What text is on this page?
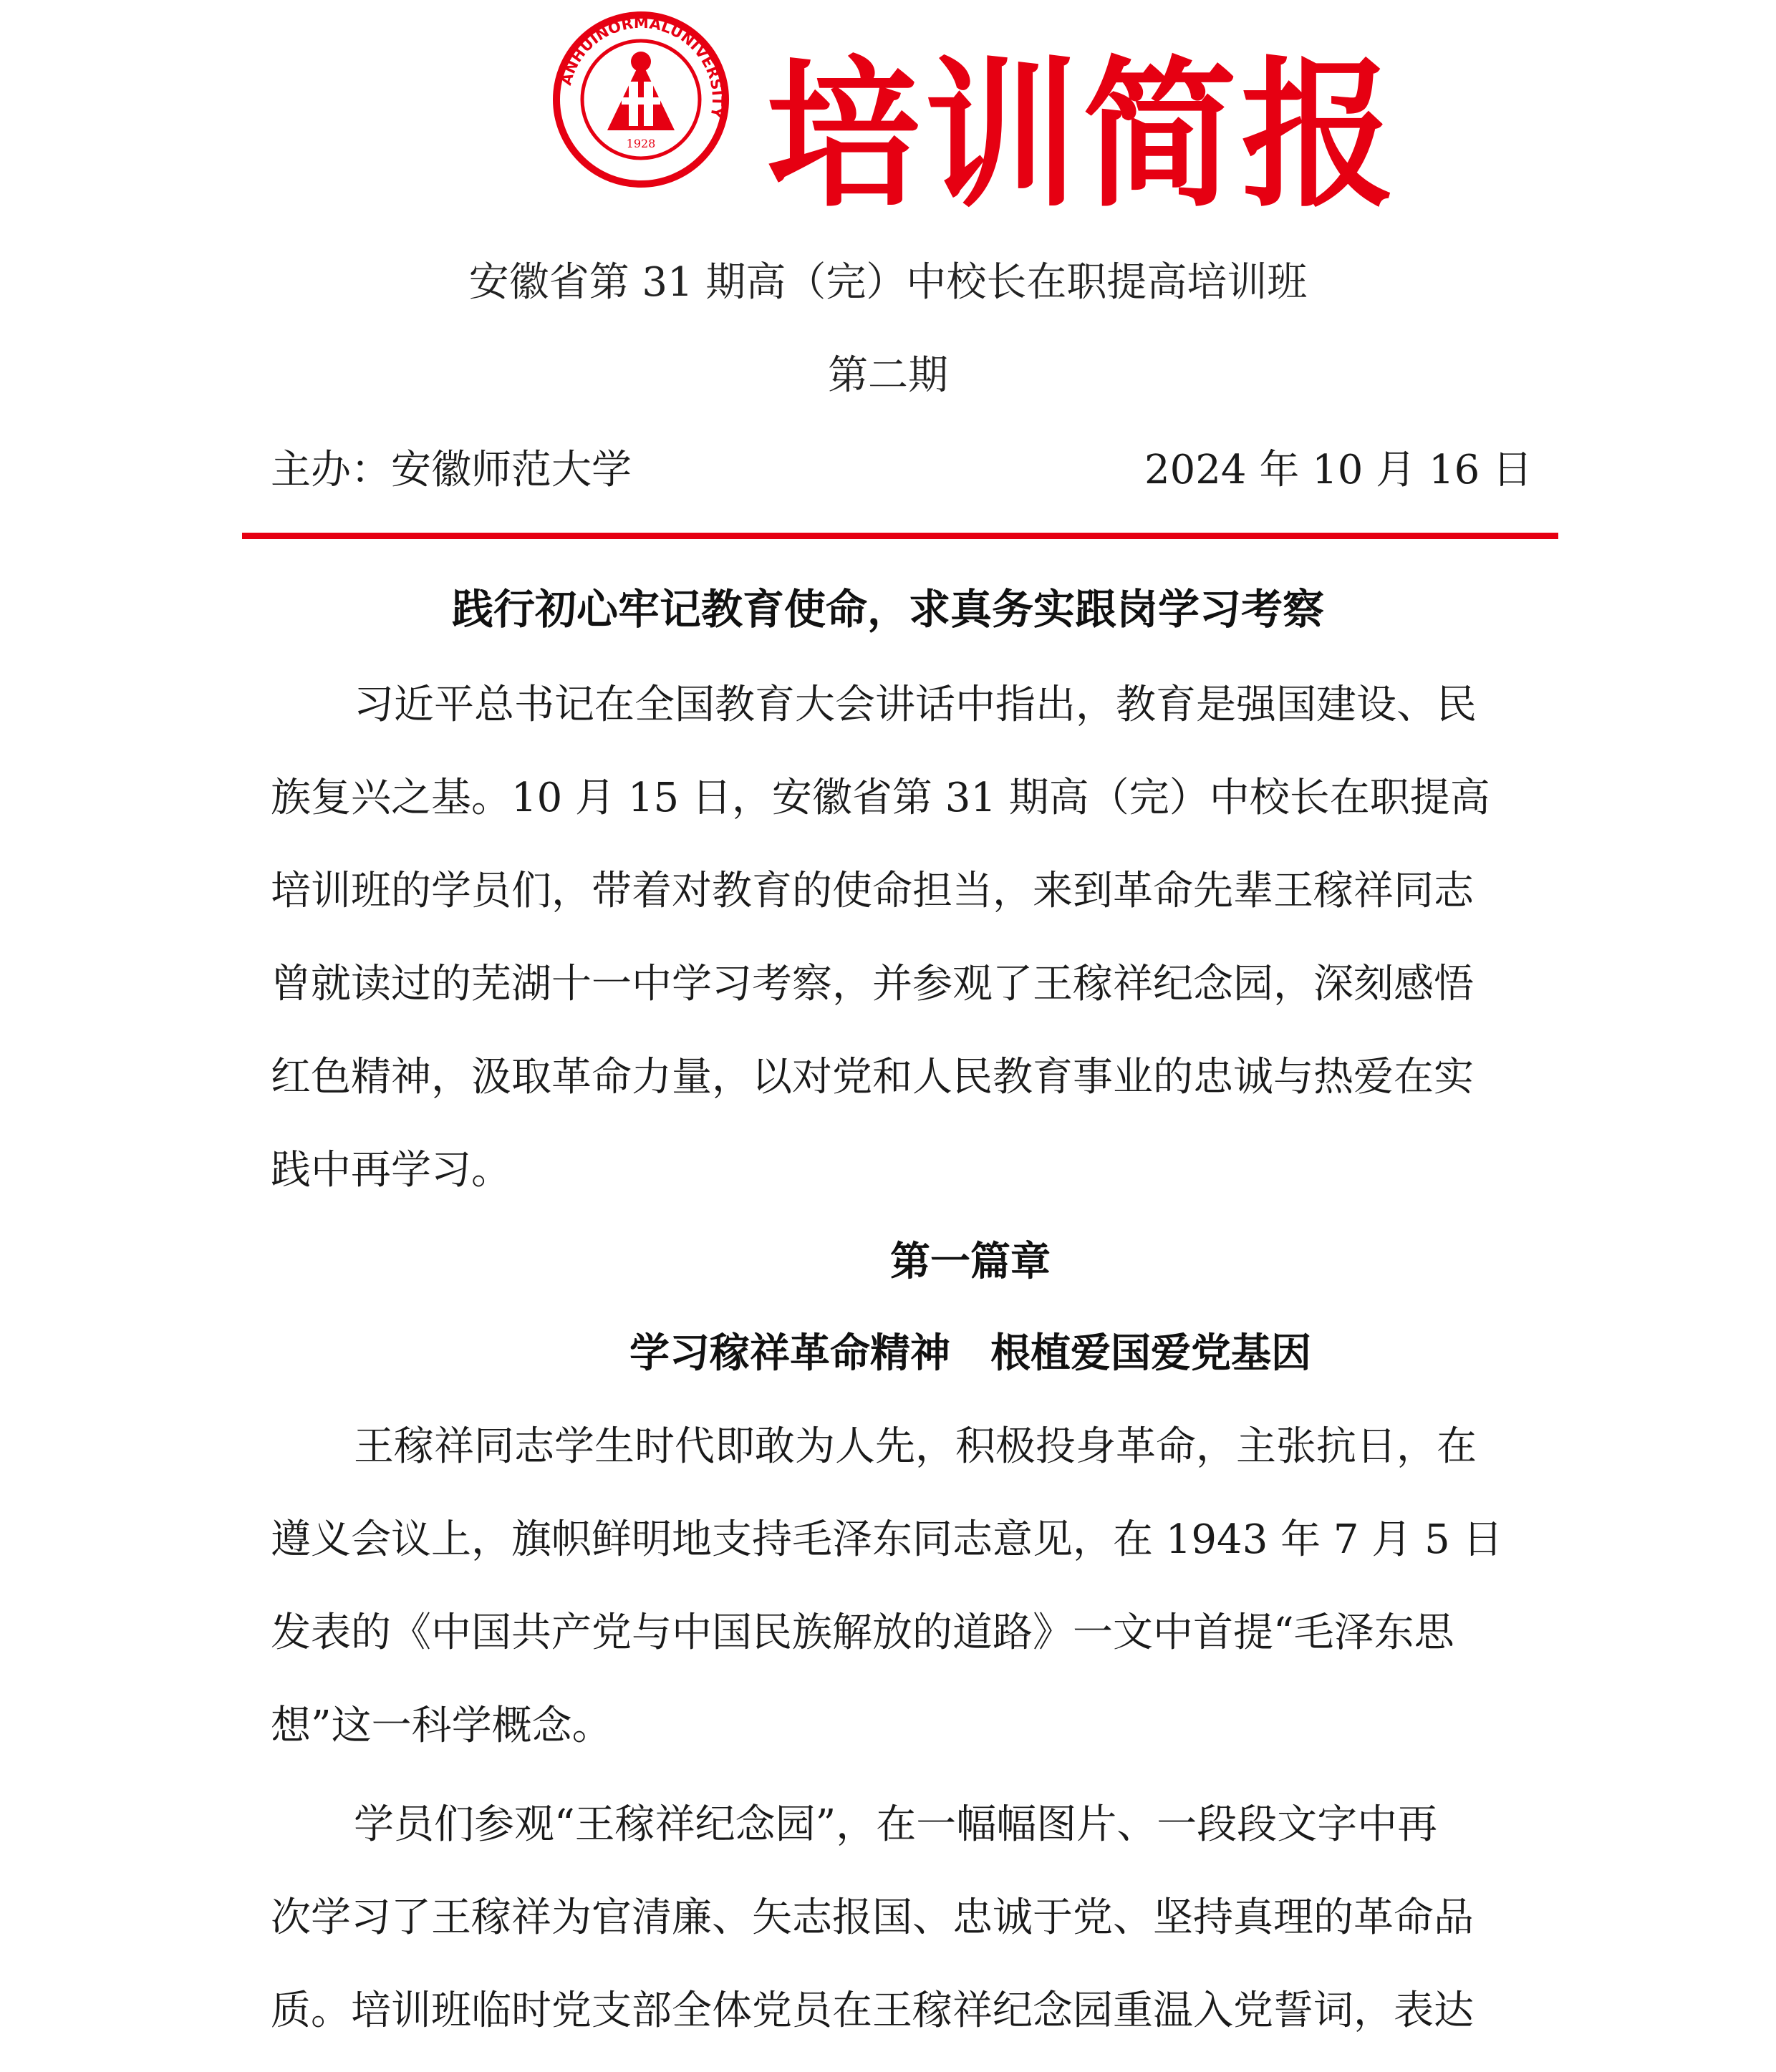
ANHUINORMALUNIVERSITY
1928 培训简报
安徽省第 31 期高（完）中校长在职提高培训班
第二期
主办：安徽师范大学	2024 年 10 月 16 日
践行初心牢记教育使命，求真务实跟岗学习考察
习近平总书记在全国教育大会讲话中指出，教育是强国建设、民
族复兴之基。10 月 15 日，安徽省第 31 期高（完）中校长在职提高
培训班的学员们，带着对教育的使命担当，来到革命先辈王稼祥同志
曾就读过的芜湖十一中学习考察，并参观了王稼祥纪念园，深刻感悟
红色精神，汲取革命力量，以对党和人民教育事业的忠诚与热爱在实
践中再学习。
第一篇章
学习稼祥革命精神　根植爱国爱党基因
王稼祥同志学生时代即敢为人先，积极投身革命，主张抗日，在
遵义会议上，旗帜鲜明地支持毛泽东同志意见，在 1943 年 7 月 5 日
发表的《中国共产党与中国民族解放的道路》一文中首提“毛泽东思
想”这一科学概念。
学员们参观“王稼祥纪念园”，在一幅幅图片、一段段文字中再
次学习了王稼祥为官清廉、矢志报国、忠诚于党、坚持真理的革命品
质。培训班临时党支部全体党员在王稼祥纪念园重温入党誓词，表达
